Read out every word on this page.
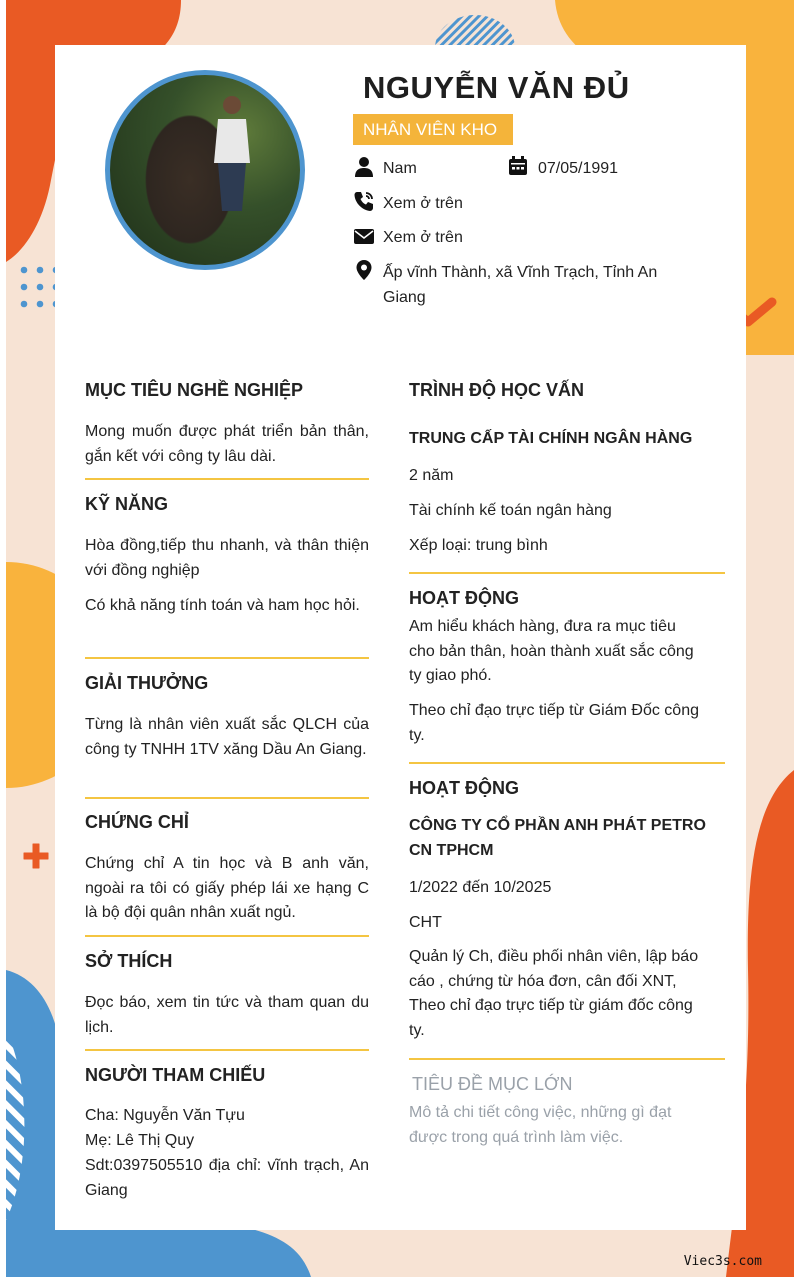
NGUYỄN VĂN ĐỦ
NHÂN VIÊN KHO
Nam	07/05/1991
Xem ở trên
Xem ở trên
Ấp vĩnh Thành, xã Vĩnh Trạch, Tỉnh An
Giang
MỤC TIÊU NGHỀ NGHIỆP
Mong muốn được phát triển bản thân, gắn kết với công ty lâu dài.
KỸ NĂNG
Hòa đồng,tiếp thu nhanh, và thân thiện với đồng nghiệp
Có khả năng tính toán và ham học hỏi.
GIẢI THƯỞNG
Từng là nhân viên xuất sắc QLCH của công ty TNHH 1TV xăng Dầu An Giang.
CHỨNG CHỈ
Chứng chỉ A tin học và B anh văn, ngoài ra tôi có giấy phép lái xe hạng C là bộ đội quân nhân xuất ngủ.
SỞ THÍCH
Đọc báo, xem tin tức và tham quan du lịch.
NGƯỜI THAM CHIẾU
Cha: Nguyễn Văn Tựu
Mẹ: Lê Thị Quy
Sdt:0397505510 địa chỉ: vĩnh trạch, An Giang
TRÌNH ĐỘ HỌC VẤN
TRUNG CẤP TÀI CHÍNH NGÂN HÀNG
2 năm
Tài chính kế toán ngân hàng
Xếp loại: trung bình
HOẠT ĐỘNG
Am hiểu khách hàng, đưa ra mục tiêu cho bản thân, hoàn thành xuất sắc công ty giao phó.
Theo chỉ đạo trực tiếp từ Giám Đốc công ty.
HOẠT ĐỘNG
CÔNG TY CỔ PHẦN ANH PHÁT PETRO CN TPHCM
1/2022 đến 10/2025
CHT
Quản lý Ch, điều phối nhân viên, lập báo cáo , chứng từ hóa đơn, cân đối XNT, Theo chỉ đạo trực tiếp từ giám đốc công ty.
TIÊU ĐỀ MỤC LỚN
Mô tả chi tiết công việc, những gì đạt được trong quá trình làm việc.
Viec3s.com
